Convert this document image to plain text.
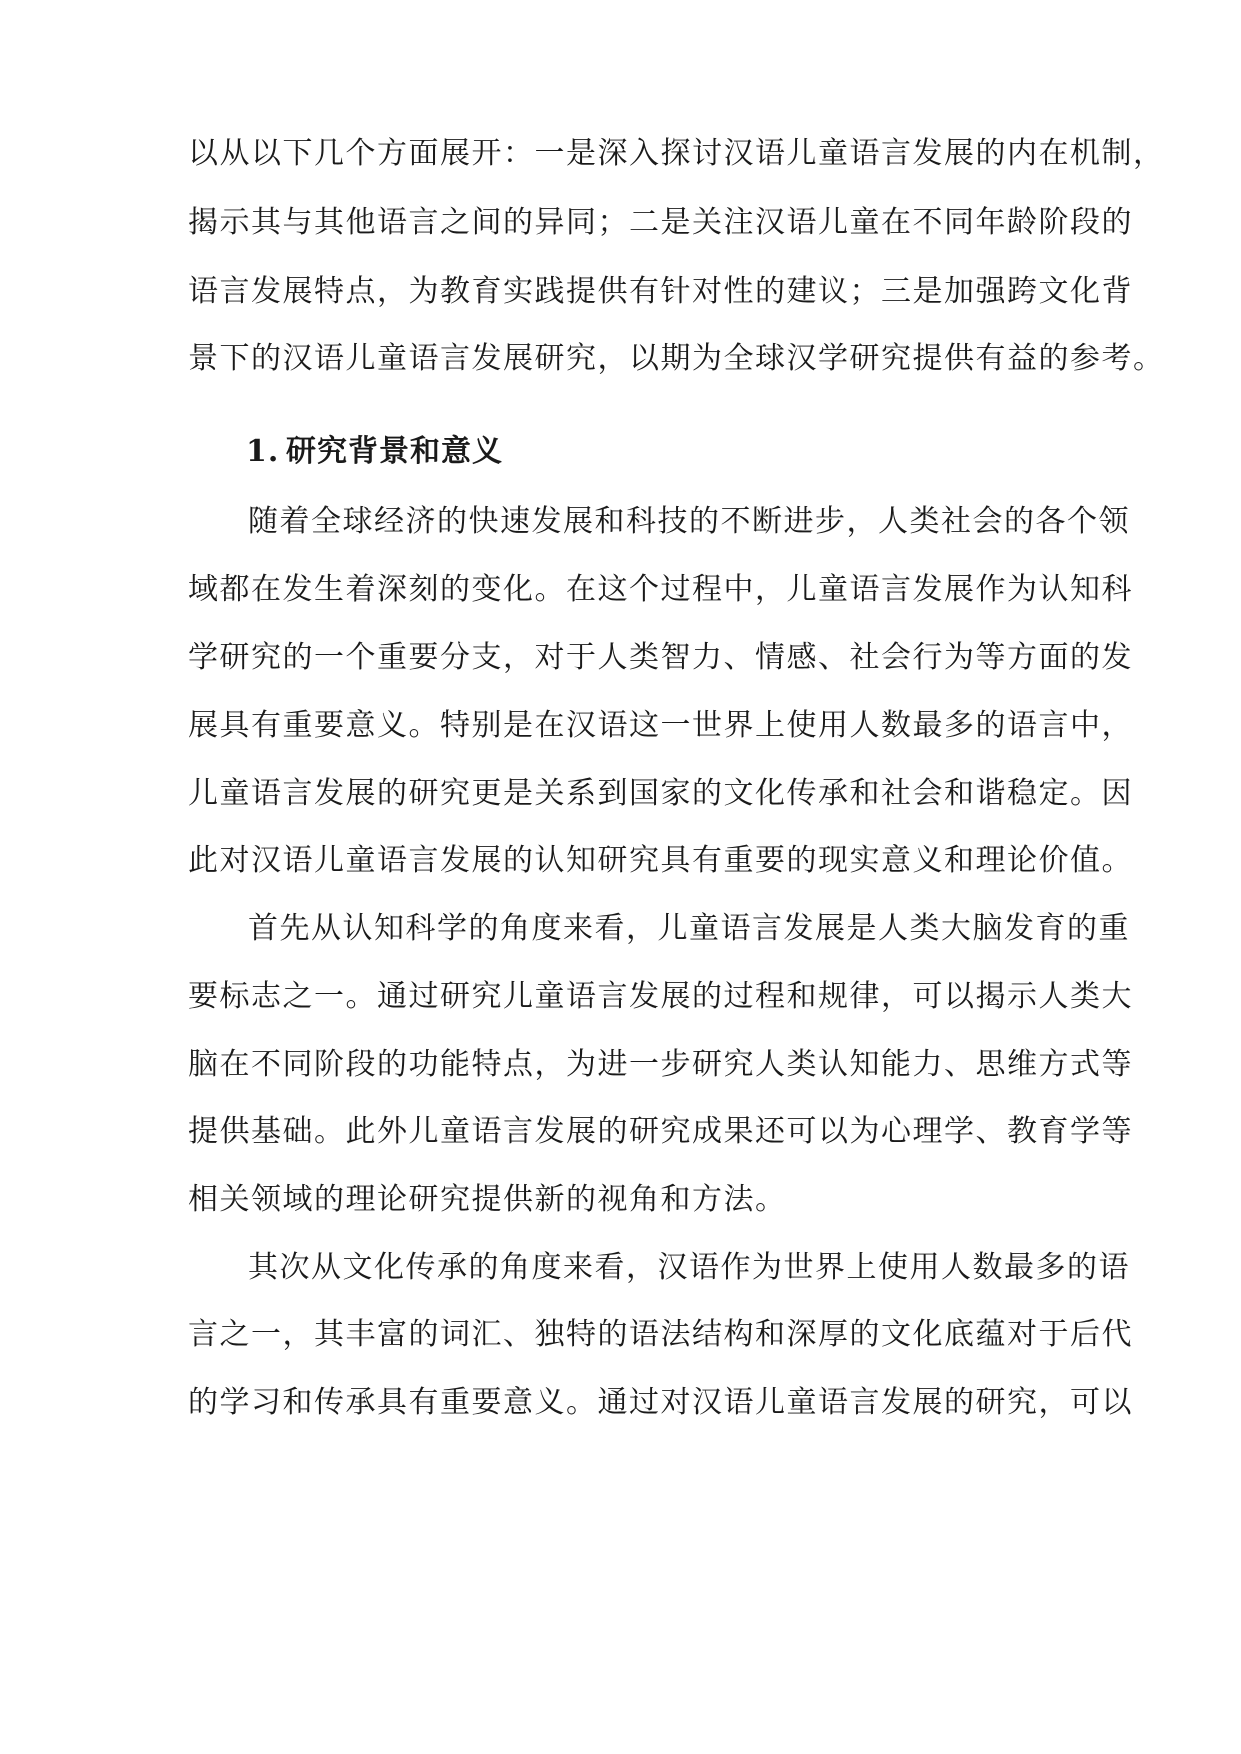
以从以下几个方面展开：一是深入探讨汉语儿童语言发展的内在机制，
揭示其与其他语言之间的异同；二是关注汉语儿童在不同年龄阶段的
语言发展特点，为教育实践提供有针对性的建议；三是加强跨文化背
景下的汉语儿童语言发展研究，以期为全球汉学研究提供有益的参考。
1. 研究背景和意义
随着全球经济的快速发展和科技的不断进步，人类社会的各个领
域都在发生着深刻的变化。在这个过程中，儿童语言发展作为认知科
学研究的一个重要分支，对于人类智力、情感、社会行为等方面的发
展具有重要意义。特别是在汉语这一世界上使用人数最多的语言中，
儿童语言发展的研究更是关系到国家的文化传承和社会和谐稳定。因
此对汉语儿童语言发展的认知研究具有重要的现实意义和理论价值。
首先从认知科学的角度来看，儿童语言发展是人类大脑发育的重
要标志之一。通过研究儿童语言发展的过程和规律，可以揭示人类大
脑在不同阶段的功能特点，为进一步研究人类认知能力、思维方式等
提供基础。此外儿童语言发展的研究成果还可以为心理学、教育学等
相关领域的理论研究提供新的视角和方法。
其次从文化传承的角度来看，汉语作为世界上使用人数最多的语
言之一，其丰富的词汇、独特的语法结构和深厚的文化底蕴对于后代
的学习和传承具有重要意义。通过对汉语儿童语言发展的研究，可以
